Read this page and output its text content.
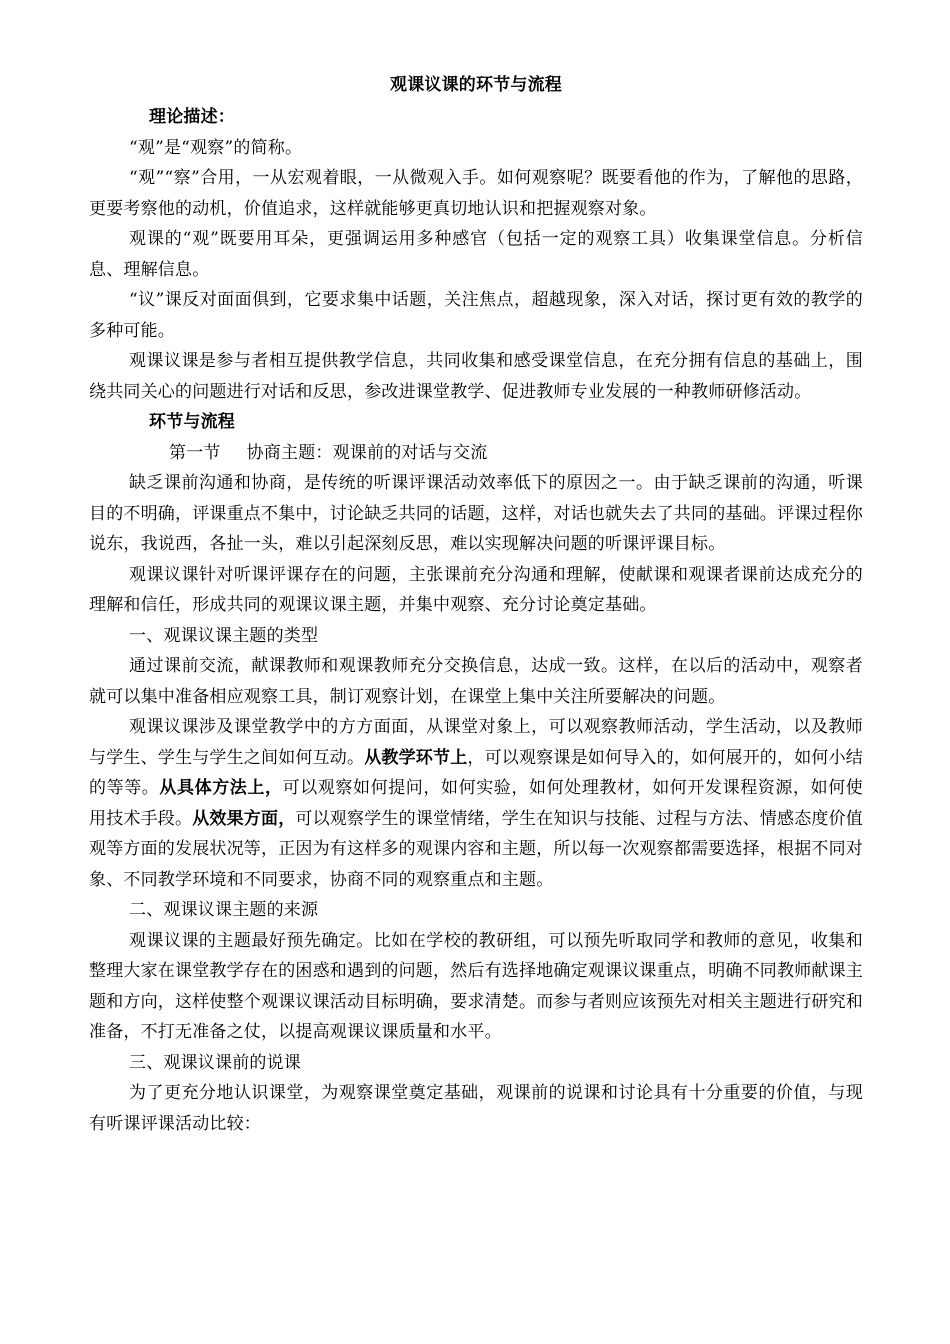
观课议课的环节与流程
理论描述：

“观”是“观察”的简称。

“观”“察”合用，一从宏观着眼，一从微观入手。如何观察呢？既要看他的作为，了解他的思路，更要考察他的动机，价值追求，这样就能够更真切地认识和把握观察对象。

观课的“观”既要用耳朵，更强调运用多种感官（包括一定的观察工具）收集课堂信息。分析信息、理解信息。

“议”课反对面面俱到，它要求集中话题，关注焦点，超越现象，深入对话，探讨更有效的教学的多种可能。

观课议课是参与者相互提供教学信息，共同收集和感受课堂信息，在充分拥有信息的基础上，围绕共同关心的问题进行对话和反思，参改进课堂教学、促进教师专业发展的一种教师研修活动。

环节与流程

第一节 协商主题：观课前的对话与交流

缺乏课前沟通和协商，是传统的听课评课活动效率低下的原因之一。由于缺乏课前的沟通，听课目的不明确，评课重点不集中，讨论缺乏共同的话题，这样，对话也就失去了共同的基础。评课过程你说东，我说西，各扯一头，难以引起深刻反思，难以实现解决问题的听课评课目标。

观课议课针对听课评课存在的问题，主张课前充分沟通和理解，使献课和观课者课前达成充分的理解和信任，形成共同的观课议课主题，并集中观察、充分讨论奠定基础。

一、观课议课主题的类型

通过课前交流，献课教师和观课教师充分交换信息，达成一致。这样，在以后的活动中，观察者就可以集中准备相应观察工具，制订观察计划，在课堂上集中关注所要解决的问题。

观课议课涉及课堂教学中的方方面面，从课堂对象上，可以观察教师活动，学生活动，以及教师与学生、学生与学生之间如何互动。从教学环节上，可以观察课是如何导入的，如何展开的，如何小结的等等。从具体方法上，可以观察如何提问，如何实验，如何处理教材，如何开发课程资源，如何使用技术手段。从效果方面，可以观察学生的课堂情绪，学生在知识与技能、过程与方法、情感态度价值观等方面的发展状况等，正因为有这样多的观课内容和主题，所以每一次观察都需要选择，根据不同对象、不同教学环境和不同要求，协商不同的观察重点和主题。

二、观课议课主题的来源

观课议课的主题最好预先确定。比如在学校的教研组，可以预先听取同学和教师的意见，收集和整理大家在课堂教学存在的困惑和遇到的问题，然后有选择地确定观课议课重点，明确不同教师献课主题和方向，这样使整个观课议课活动目标明确，要求清楚。而参与者则应该预先对相关主题进行研究和准备，不打无准备之仗，以提高观课议课质量和水平。

三、观课议课前的说课

为了更充分地认识课堂，为观察课堂奠定基础，观课前的说课和讨论具有十分重要的价值，与现有听课评课活动比较：
